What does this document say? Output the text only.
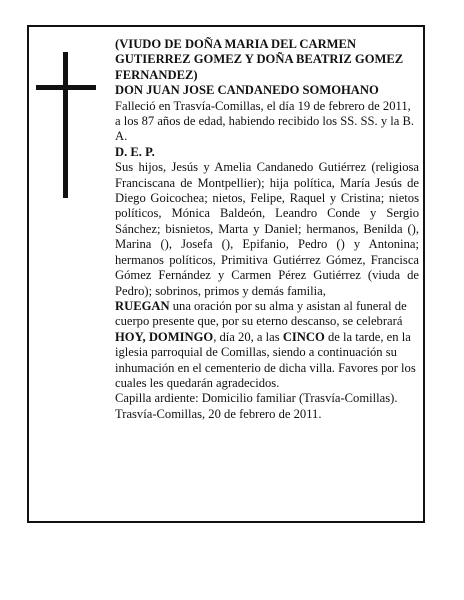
(VIUDO DE DOÑA MARIA DEL CARMEN GUTIERREZ GOMEZ Y DOÑA BEATRIZ GOMEZ FERNANDEZ)

DON JUAN JOSE CANDANEDO SOMOHANO

Falleció en Trasvía-Comillas, el día 19 de febrero de 2011, a los 87 años de edad, habiendo recibido los SS. SS. y la B. A.

D. E. P.

Sus hijos, Jesús y Amelia Candanedo Gutiérrez (religiosa Franciscana de Montpellier); hija política, María Jesús de Diego Goicochea; nietos, Felipe, Raquel y Cristina; nietos políticos, Mónica Baldeón, Leandro Conde y Sergio Sánchez; bisnietos, Marta y Daniel; hermanos, Benilda (), Marina (), Josefa (), Epifanio, Pedro () y Antonina; hermanos políticos, Primitiva Gutiérrez Gómez, Francisca Gómez Fernández y Carmen Pérez Gutiérrez (viuda de Pedro); sobrinos, primos y demás familia,

RUEGAN una oración por su alma y asistan al funeral de cuerpo presente que, por su eterno descanso, se celebrará HOY, DOMINGO, día 20, a las CINCO de la tarde, en la iglesia parroquial de Comillas, siendo a continuación su inhumación en el cementerio de dicha villa. Favores por los cuales les quedarán agradecidos.

Capilla ardiente: Domicilio familiar (Trasvía-Comillas).

Trasvía-Comillas, 20 de febrero de 2011.
